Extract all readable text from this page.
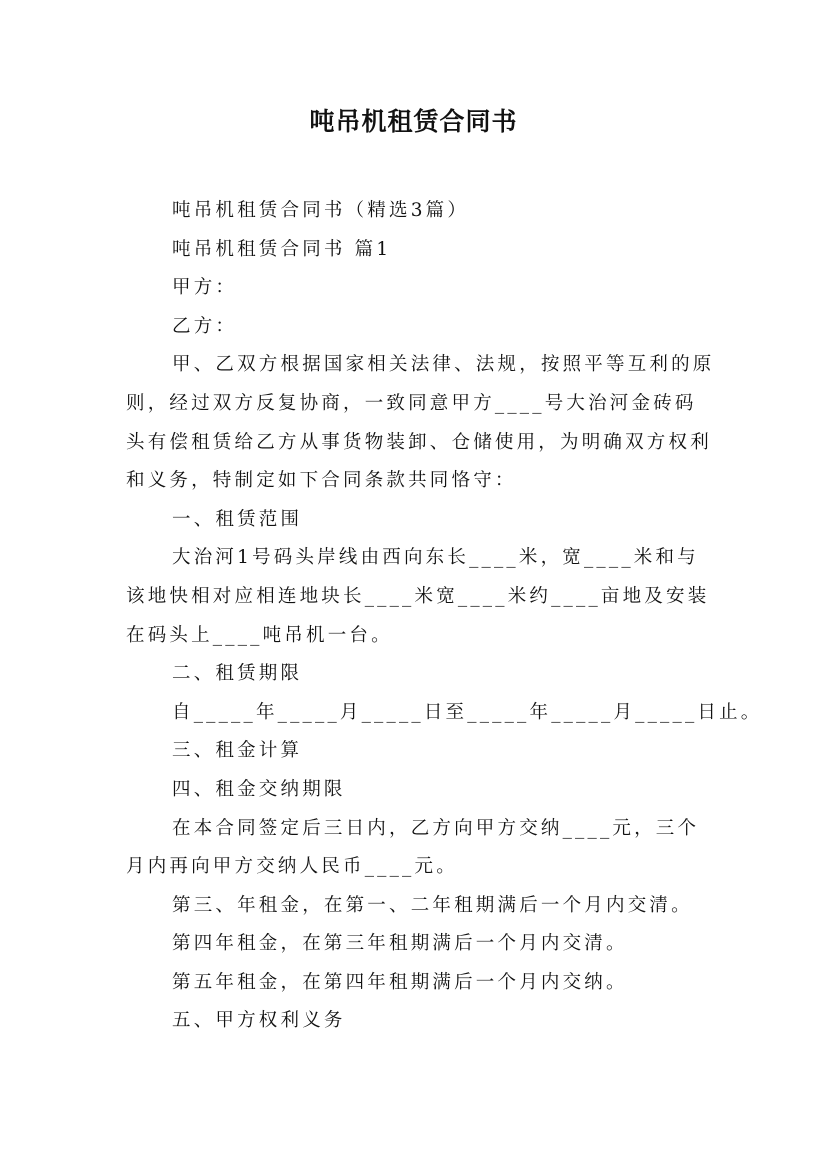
吨吊机租赁合同书

吨吊机租赁合同书（精选3篇）

吨吊机租赁合同书 篇1

甲方：

乙方：

甲、乙双方根据国家相关法律、法规，按照平等互利的原则，经过双方反复协商，一致同意甲方____号大治河金砖码头有偿租赁给乙方从事货物装卸、仓储使用，为明确双方权利和义务，特制定如下合同条款共同恪守：

一、租赁范围

大治河1号码头岸线由西向东长____米，宽____米和与该地快相对应相连地块长____米宽____米约____亩地及安装在码头上____吨吊机一台。

二、租赁期限

自_____年_____月_____日至_____年_____月_____日止。

三、租金计算

四、租金交纳期限

在本合同签定后三日内，乙方向甲方交纳____元，三个月内再向甲方交纳人民币____元。

第三、年租金，在第一、二年租期满后一个月内交清。

第四年租金，在第三年租期满后一个月内交清。

第五年租金，在第四年租期满后一个月内交纳。

五、甲方权利义务
